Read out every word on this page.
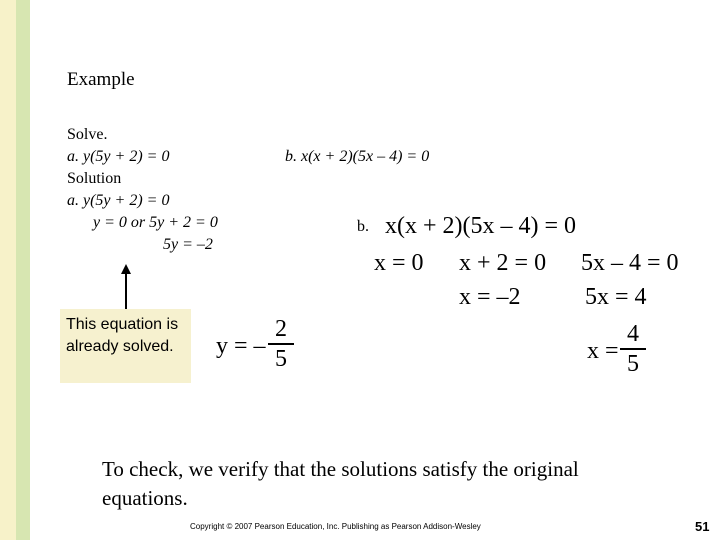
Example
Solve.
a. y(5y + 2) = 0	b. x(x + 2)(5x – 4) = 0
Solution
a. y(5y + 2) = 0
y = 0 or 5y + 2 = 0
5y = –2
b. x(x + 2)(5x – 4) = 0
x = 0 x + 2 = 0 5x – 4 = 0
x = –2	5x = 4
This equation is already solved.	y = –
2
5	x =
4
5
To check, we verify that the solutions satisfy the original equations.
Copyright © 2007 Pearson Education, Inc. Publishing as Pearson Addison-Wesley	51
